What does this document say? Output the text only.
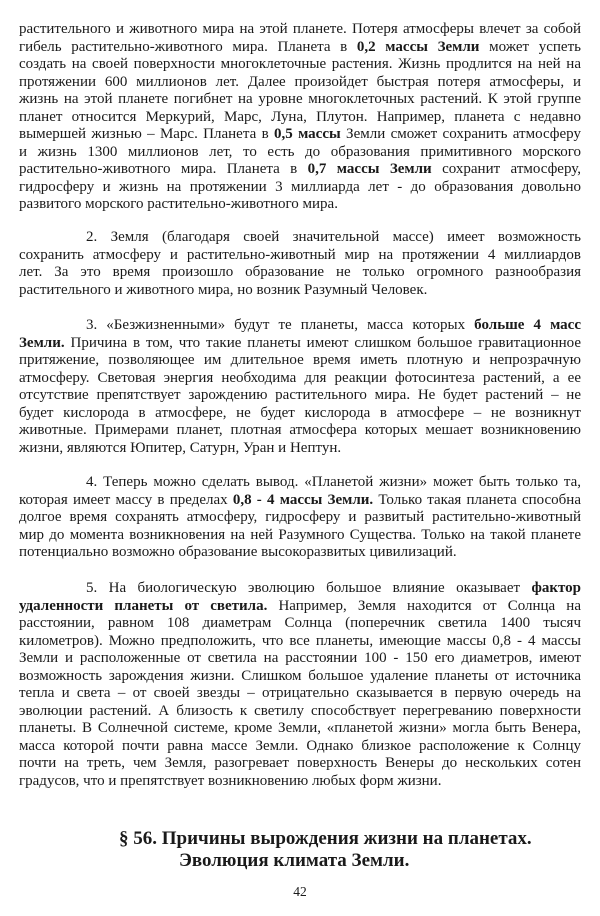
растительного и животного мира на этой планете. Потеря атмосферы влечет за собой
гибель растительно-животного мира. Планета в 0,2 массы Земли может успеть
создать на своей поверхности многоклеточные растения. Жизнь продлится на ней на
протяжении 600 миллионов лет. Далее произойдет быстрая потеря атмосферы, и
жизнь на этой планете погибнет на уровне многоклеточных растений. К этой группе
планет относится Меркурий, Марс, Луна, Плутон. Например, планета с недавно
вымершей жизнью – Марс. Планета в 0,5 массы Земли сможет сохранить атмосферу
и жизнь 1300 миллионов лет, то есть до образования примитивного морского
растительно-животного мира. Планета в 0,7 массы Земли сохранит атмосферу,
гидросферу и жизнь на протяжении 3 миллиарда лет - до образования довольно
развитого морского растительно-животного мира.
2. Земля (благодаря своей значительной массе) имеет возможность
сохранить атмосферу и растительно-животный мир на протяжении 4 миллиардов
лет. За это время произошло образование не только огромного разнообразия
растительного и животного мира, но возник Разумный Человек.
3. «Безжизненными» будут те планеты, масса которых больше 4 масс
Земли. Причина в том, что такие планеты имеют слишком большое гравитационное
притяжение, позволяющее им длительное время иметь плотную и непрозрачную
атмосферу. Световая энергия необходима для реакции фотосинтеза растений, а ее
отсутствие препятствует зарождению растительного мира. Не будет растений – не
будет кислорода в атмосфере, не будет кислорода в атмосфере – не возникнут
животные. Примерами планет, плотная атмосфера которых мешает возникновению
жизни, являются Юпитер, Сатурн, Уран и Нептун.
4. Теперь можно сделать вывод. «Планетой жизни» может быть только та,
которая имеет массу в пределах 0,8 - 4 массы Земли. Только такая планета способна
долгое время сохранять атмосферу, гидросферу и развитый растительно-животный
мир до момента возникновения на ней Разумного Существа. Только на такой планете
потенциально возможно образование высокоразвитых цивилизаций.
5. На биологическую эволюцию большое влияние оказывает фактор
удаленности планеты от светила. Например, Земля находится от Солнца на
расстоянии, равном 108 диаметрам Солнца (поперечник светила 1400 тысяч
километров). Можно предположить, что все планеты, имеющие массы 0,8 - 4 массы
Земли и расположенные от светила на расстоянии 100 - 150 его диаметров, имеют
возможность зарождения жизни. Слишком большое удаление планеты от источника
тепла и света – от своей звезды – отрицательно сказывается в первую очередь на
эволюции растений. А близость к светилу способствует перегреванию поверхности
планеты. В Солнечной системе, кроме Земли, «планетой жизни» могла быть Венера,
масса которой почти равна массе Земли. Однако близкое расположение к Солнцу
почти на треть, чем Земля, разогревает поверхность Венеры до нескольких сотен
градусов, что и препятствует возникновению любых форм жизни.
§ 56. Причины вырождения жизни на планетах.
Эволюция климата Земли.
42
